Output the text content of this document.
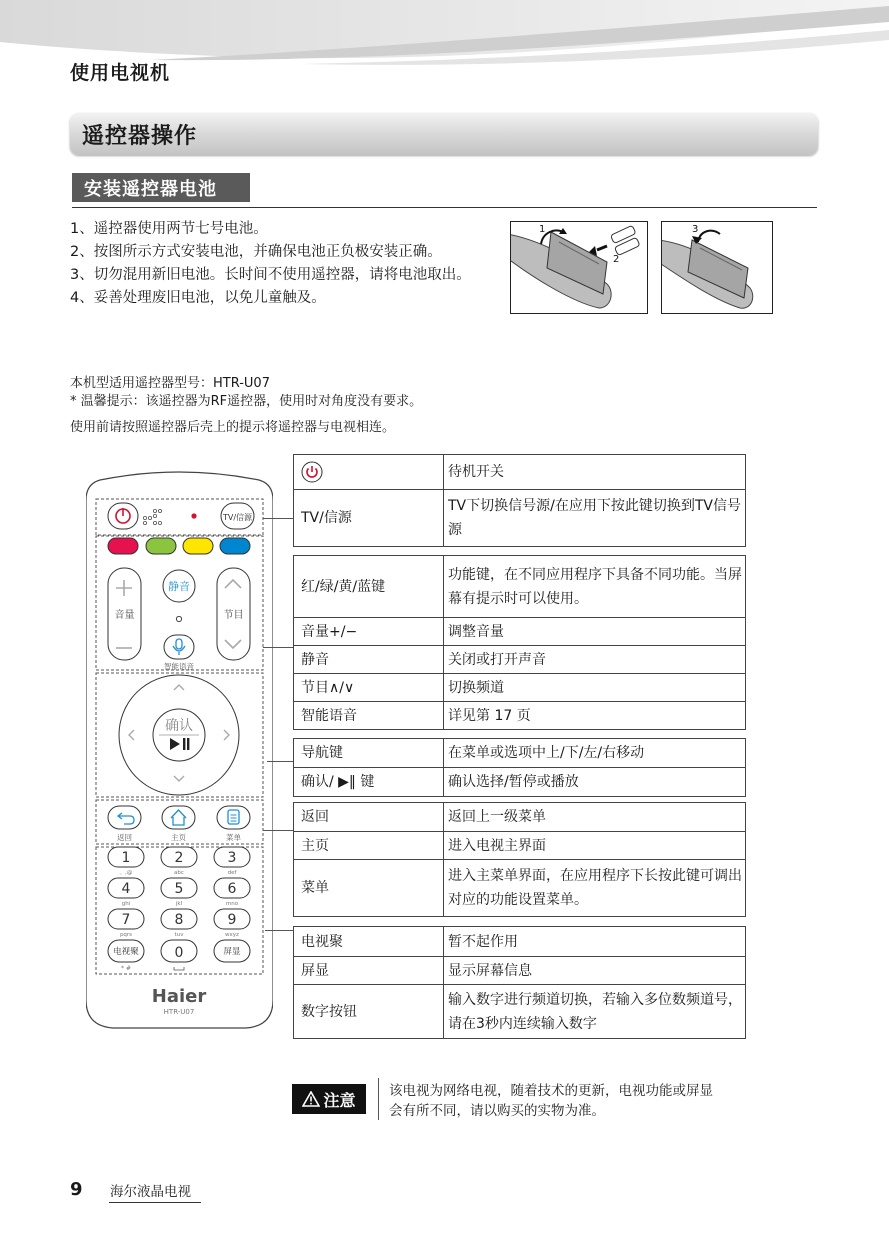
使用电视机
遥控器操作
安装遥控器电池
1、遥控器使用两节七号电池。
2、按图所示方式安装电池，并确保电池正负极安装正确。
3、切勿混用新旧电池。长时间不使用遥控器，请将电池取出。
4、妥善处理废旧电池，以免儿童触及。
1
2
3
本机型适用遥控器型号：HTR-U07
* 温馨提示：该遥控器为RF遥控器，使用时对角度没有要求。
使用前请按照遥控器后壳上的提示将遥控器与电视相连。
TV/信源
音量
静音
智能语音
节目
确认
返回	主页	菜单
1
。,@
2
abc
3
def
4
ghi
5
jkl
6
mno
7
pqrs
8
tuv
9
wxyz
电视聚
* #
0	屏显
Haier
HTR-U07
	待机开关
TV/信源	TV下切换信号源/在应用下按此键切换到TV信号源
红/绿/黄/蓝键	功能键，在不同应用程序下具备不同功能。当屏幕有提示时可以使用。
音量+/−	调整音量
静音	关闭或打开声音
节目∧/∨	切换频道
智能语音	详见第 17 页
导航键	在菜单或选项中上/下/左/右移动
确认/ ▶‖ 键	确认选择/暂停或播放
返回	返回上一级菜单
主页	进入电视主界面
菜单	进入主菜单界面，在应用程序下长按此键可调出对应的功能设置菜单。
电视聚	暂不起作用
屏显	显示屏幕信息
数字按钮	输入数字进行频道切换，若输入多位数频道号，请在3秒内连续输入数字
注意 该电视为网络电视，随着技术的更新，电视功能或屏显
会有所不同，请以购买的实物为准。
9 海尔液晶电视
